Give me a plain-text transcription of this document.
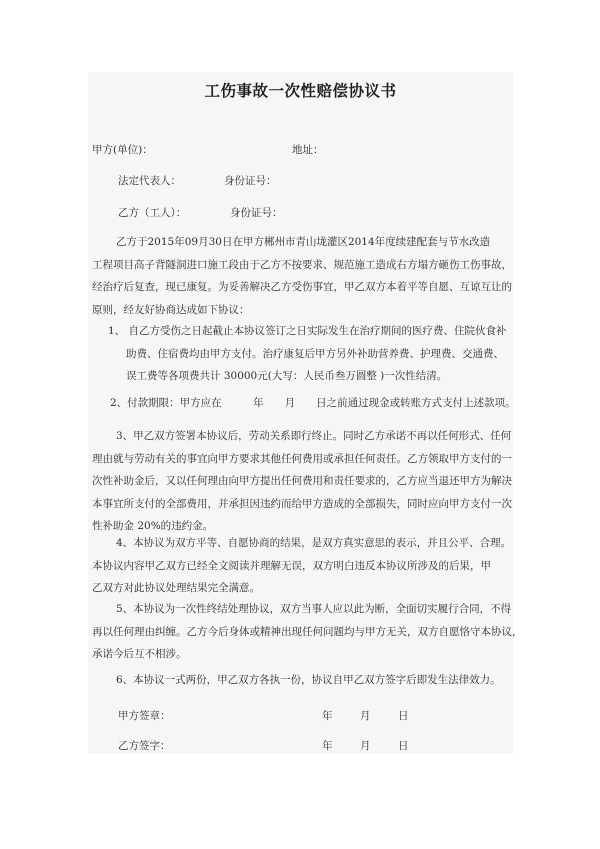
工伤事故一次性赔偿协议书
甲方(单位)：	地址：
法定代表人：	身份证号：
乙方（工人）：	身份证号：
乙方于2015年09月30日在甲方郴州市青山垅灌区2014年度续建配套与节水改造
工程项目高子背隧洞进口施工段由于乙方不按要求、规范施工造成右方塌方砸伤工伤事故，
经治疗后复查，现已康复。为妥善解决乙方受伤事宜，甲乙双方本着平等自愿、互谅互让的
原则，经友好协商达成如下协议：
1、 自乙方受伤之日起截止本协议签订之日实际发生在治疗期间的医疗费、住院伙食补
助费、住宿费均由甲方支付。治疗康复后甲方另外补助营养费、护理费、交通费、
误工费等各项费共计 30000元(大写：人民币叁万圆整 )一次性结清。
2、付款期限：甲方应在　　　年　　月　　日之前通过现金或转账方式支付上述款项。
3、甲乙双方签署本协议后，劳动关系即行终止。同时乙方承诺不再以任何形式、任何
理由就与劳动有关的事宜向甲方要求其他任何费用或承担任何责任。乙方领取甲方支付的一
次性补助金后，又以任何理由向甲方提出任何费用和责任要求的，乙方应当退还甲方为解决
本事宜所支付的全部费用，并承担因违约而给甲方造成的全部损失，同时应向甲方支付一次
性补助金 20%的违约金。
4、本协议为双方平等、自愿协商的结果，是双方真实意思的表示，并且公平、合理。
本协议内容甲乙双方已经全文阅读并理解无误，双方明白违反本协议所涉及的后果，甲
乙双方对此协议处理结果完全满意。
5、本协议为一次性终结处理协议，双方当事人应以此为断，全面切实履行合同，不得
再以任何理由纠缠。乙方今后身体或精神出现任何问题均与甲方无关，双方自愿恪守本协议，
承诺今后互不相涉。
6、本协议一式两份，甲乙双方各执一份，协议自甲乙双方签字后即发生法律效力。
甲方签章：	年	月	日
乙方签字：	年	月	日
